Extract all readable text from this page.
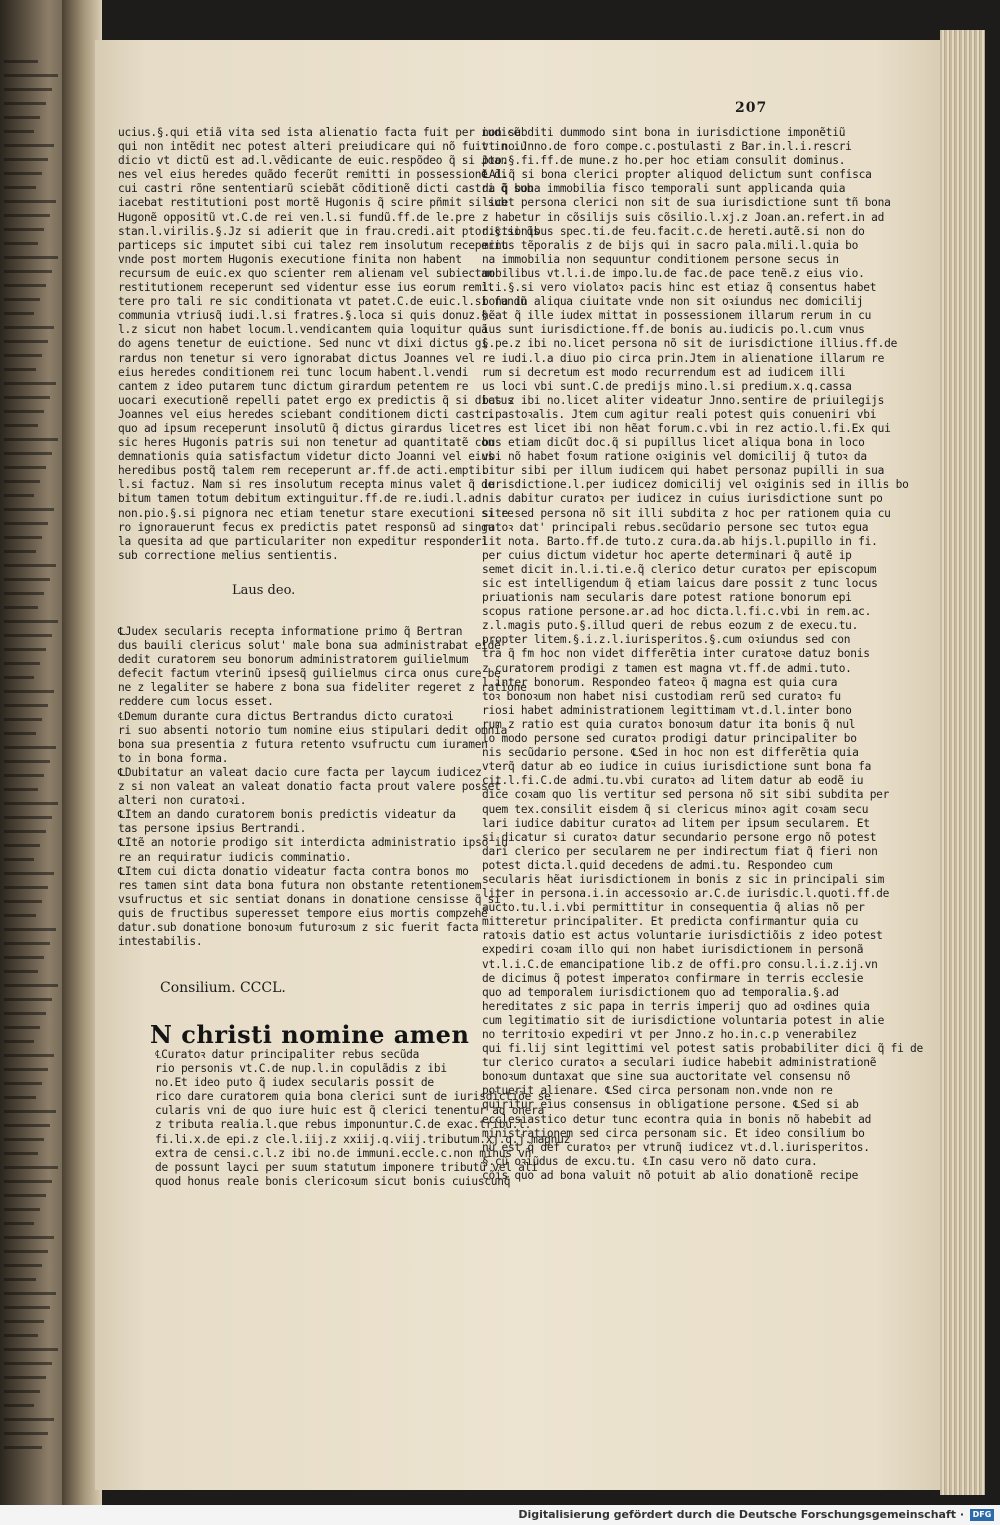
207

ucius.§.qui etiã vita sed ista alienatio facta fuit per iudicẽ

qui non intẽdit nec potest alteri preiudicare qui nõ fuit in iu

dicio vt dictũ est ad.l.vẽdicante de euic.respõdeo q̃ si Joan

nes vel eius heredes quãdo fecerũt remitti in possessionẽ di

cui castri rõne sententiarũ sciebãt cõditionẽ dicti castri q̃ sub

iacebat restitutioni post mortẽ Hugonis q̃ scire pñmit si sub

Hugonẽ oppositũ vt.C.de rei ven.l.si fundũ.ff.de le.pre

stan.l.virilis.§.Jz si adierit que in frau.credi.ait ptor.§.si q̃s

particeps sic imputet sibi cui talez rem insolutum receperit

vnde post mortem Hugonis executione finita non habent

recursum de euic.ex quo scienter rem alienam vel subiectam

restitutionem receperunt sed videntur esse ius eorum remit

tere pro tali re sic conditionata vt patet.C.de euic.l.si fundũ

communia vtriusq̃ iudi.l.si fratres.§.loca si quis donuz.§.

l.z sicut non habet locum.l.vendicantem quia loquitur quã

do agens tenetur de euictione. Sed nunc vt dixi dictus gi

rardus non tenetur si vero ignorabat dictus Joannes vel

eius heredes conditionem rei tunc locum habent.l.vendi

cantem z ideo putarem tunc dictum girardum petentem re

uocari executionẽ repelli patet ergo ex predictis q̃ si dictus

Joannes vel eius heredes sciebant conditionem dicti castri

quo ad ipsum receperunt insolutũ q̃ dictus girardus licet

sic heres Hugonis patris sui non tenetur ad quantitatẽ con

demnationis quia satisfactum videtur dicto Joanni vel eius

heredibus postq̃ talem rem receperunt ar.ff.de acti.empti.

l.si factuz. Nam si res insolutum recepta minus valet q̃ de

bitum tamen totum debitum extinguitur.ff.de re.iudi.l.ad

non.pio.§.si pignora nec etiam tenetur stare executioni si re

ro ignorauerunt fecus ex predictis patet responsũ ad singu

la quesita ad que particulariter non expeditur responderi

sub correctione melius sentientis.

Laus deo.

℄Judex secularis recepta informatione primo q̃ Bertran

dus bauili clericus solut' male bona sua administrabat eidẽ

dedit curatorem seu bonorum administratorem guilielmum

defecit factum vterinũ ipsesq̃ guilielmus circa onus cure be

ne z legaliter se habere z bona sua fideliter regeret z ratione

reddere cum locus esset.

℄Demum durante cura dictus Bertrandus dicto curatoꝛi

ri suo absenti notorio tum nomine eius stipulari dedit omnia

bona sua presentia z futura retento vsufructu cum iuramen

to in bona forma.

℄Dubitatur an valeat dacio cure facta per laycum iudicez

z si non valeat an valeat donatio facta prout valere posset

alteri non curatoꝛi.

℄Item an dando curatorem bonis predictis videatur da

tas persone ipsius Bertrandi.

℄Itẽ an notorie prodigo sit interdicta administratio ipso iu

re an requiratur iudicis comminatio.

℄Item cui dicta donatio videatur facta contra bonos mo

res tamen sint data bona futura non obstante retentionem

vsufructus et sic sentiat donans in donatione censisse q̃ si

quis de fructibus superesset tempore eius mortis compzehẽ

datur.sub donatione bonoꝛum futuroꝛum z sic fuerit facta

intestabilis.

Consilium. CCCL.
N christi nomine amen

℄Curatoꝛ datur principaliter rebus secũda

rio personis vt.C.de nup.l.in copulãdis z ibi

no.Et ideo puto q̃ iudex secularis possit de

rico dare curatorem quia bona clerici sunt de iurisdictiõe se

cularis vni de quo iure huic est q̃ clerici tenentur ad onera

z tributa realia.l.que rebus imponuntur.C.de exac.tribu.l.

fi.li.x.de epi.z cle.l.iij.z xxiij.q.viij.tributum.xj.q.j.magnuz

extra de censi.c.l.z ibi no.de immuni.eccle.c.non minus vñ

de possunt layci per suum statutum imponere tributũ vel ali

quod honus reale bonis clericoꝛum sicut bonis cuiuscunq̃

non subditi dummodo sint bona in iurisdictione imponẽtiũ

vt no.Jnno.de foro compe.c.postulasti z Bar.in.l.i.rescri

pto.§.fi.ff.de mune.z ho.per hoc etiam consulit dominus.

℄Al.q̃ si bona clerici propter aliquod delictum sunt confisca

da q̃ bona immobilia fisco temporali sunt applicanda quia

licet persona clerici non sit de sua iurisdictione sunt tñ bona

z habetur in cõsilijs suis cõsilio.l.xj.z Joan.an.refert.in ad

dictionibus spec.ti.de feu.facit.c.de hereti.autẽ.si non do

minus tẽporalis z de bijs qui in sacro pala.mili.l.quia bo

na immobilia non sequuntur conditionem persone secus in

mobilibus vt.l.i.de impo.lu.de fac.de pace tenẽ.z eius vio.

l.i.§.si vero violatoꝛ pacis hinc est etiaz q̃ consentus habet

bona in aliqua ciuitate vnde non sit oꝛiundus nec domicilij

hẽat q̃ ille iudex mittat in possessionem illarum rerum in cu

ius sunt iurisdictione.ff.de bonis au.iudicis po.l.cum vnus

§.pe.z ibi no.licet persona nõ sit de iurisdictione illius.ff.de

re iudi.l.a diuo pio circa prin.Jtem in alienatione illarum re

rum si decretum est modo recurrendum est ad iudicem illi

us loci vbi sunt.C.de predijs mino.l.si predium.x.q.cassa

bas z ibi no.licet aliter videatur Jnno.sentire de priuilegijs

c.pastoꝛalis. Jtem cum agitur reali potest quis conueniri vbi

res est licet ibi non hẽat forum.c.vbi in rez actio.l.fi.Ex qui

bus etiam dicũt doc.q̃ si pupillus licet aliqua bona in loco

vbi nõ habet foꝛum ratione oꝛiginis vel domicilij q̃ tutoꝛ da

bitur sibi per illum iudicem qui habet personaz pupilli in sua

iurisdictione.l.per iudicez domicilij vel oꝛiginis sed in illis bo

nis dabitur curatoꝛ per iudicez in cuius iurisdictione sunt po

site sed persona nõ sit illi subdita z hoc per rationem quia cu

ratoꝛ dat' principali rebus.secũdario persone sec tutoꝛ egua

lit nota. Barto.ff.de tuto.z cura.da.ab hijs.l.pupillo in fi.

per cuius dictum videtur hoc aperte determinari q̃ autẽ ip

semet dicit in.l.i.ti.e.q̃ clerico detur curatoꝛ per episcopum

sic est intelligendum q̃ etiam laicus dare possit z tunc locus

priuationis nam secularis dare potest ratione bonorum epi

scopus ratione persone.ar.ad hoc dicta.l.fi.c.vbi in rem.ac.

z.l.magis puto.§.illud queri de rebus eozum z de execu.tu.

propter litem.§.i.z.l.iurisperitos.§.cum oꝛiundus sed con

tra q̃ fm hoc non videt differẽtia inter curatoꝛe datuz bonis

z curatorem prodigi z tamen est magna vt.ff.de admi.tuto.

l.inter bonorum. Respondeo fateoꝛ q̃ magna est quia cura

toꝛ bonoꝛum non habet nisi custodiam rerũ sed curatoꝛ fu

riosi habet administrationem legittimam vt.d.l.inter bono

rum z ratio est quia curatoꝛ bonoꝛum datur ita bonis q̃ nul

lo modo persone sed curatoꝛ prodigi datur principaliter bo

nis secũdario persone. ℄Sed in hoc non est differẽtia quia

vterq̃ datur ab eo iudice in cuius iurisdictione sunt bona fa

cit.l.fi.C.de admi.tu.vbi curatoꝛ ad litem datur ab eodẽ iu

dice coꝛam quo lis vertitur sed persona nõ sit sibi subdita per

quem tex.consilit eisdem q̃ si clericus minoꝛ agit coꝛam secu

lari iudice dabitur curatoꝛ ad litem per ipsum secularem. Et

si dicatur si curatoꝛ datur secundario persone ergo nõ potest

dari clerico per secularem ne per indirectum fiat q̃ fieri non

potest dicta.l.quid decedens de admi.tu. Respondeo cum

secularis hẽat iurisdictionem in bonis z sic in principali sim

liter in persona.i.in accessoꝛio ar.C.de iurisdic.l.quoti.ff.de

aucto.tu.l.i.vbi permittitur in consequentia q̃ alias nõ per

mitteretur principaliter. Et predicta confirmantur quia cu

ratoꝛis datio est actus voluntarie iurisdictiõis z ideo potest

expediri coꝛam illo qui non habet iurisdictionem in personã

vt.l.i.C.de emancipatione lib.z de offi.pro consu.l.i.z.ij.vn

de dicimus q̃ potest imperatoꝛ confirmare in terris ecclesie

quo ad temporalem iurisdictionem quo ad temporalia.§.ad

hereditates z sic papa in terris imperij quo ad oꝛdines quia

cum legitimatio sit de iurisdictione voluntaria potest in alie

no territoꝛio expediri vt per Jnno.z ho.in.c.p venerabilez

qui fi.lij sint legittimi vel potest satis probabiliter dici q̃ fi de

tur clerico curatoꝛ a seculari iudice habebit administrationẽ

bonoꝛum duntaxat que sine sua auctoritate vel consensu nõ

potuerit alienare. ℄Sed circa personam non.vnde non re

quiritur eius consensus in obligatione persone. ℄Sed si ab

ecclesiastico detur tunc econtra quia in bonis nõ habebit ad

ministrationem sed circa personam sic. Et ideo consilium bo

nũ est q̃ def curatoꝛ per vtrunq̃ iudicez vt.d.l.iurisperitos.

§.cũ oꝛiũdus de excu.tu. ℄In casu vero nõ dato cura.

cõis quo ad bona valuit nõ potuit ab alio donationẽ recipe

Digitalisierung gefördert durch die Deutsche Forschungsgemeinschaft ·	DFG
